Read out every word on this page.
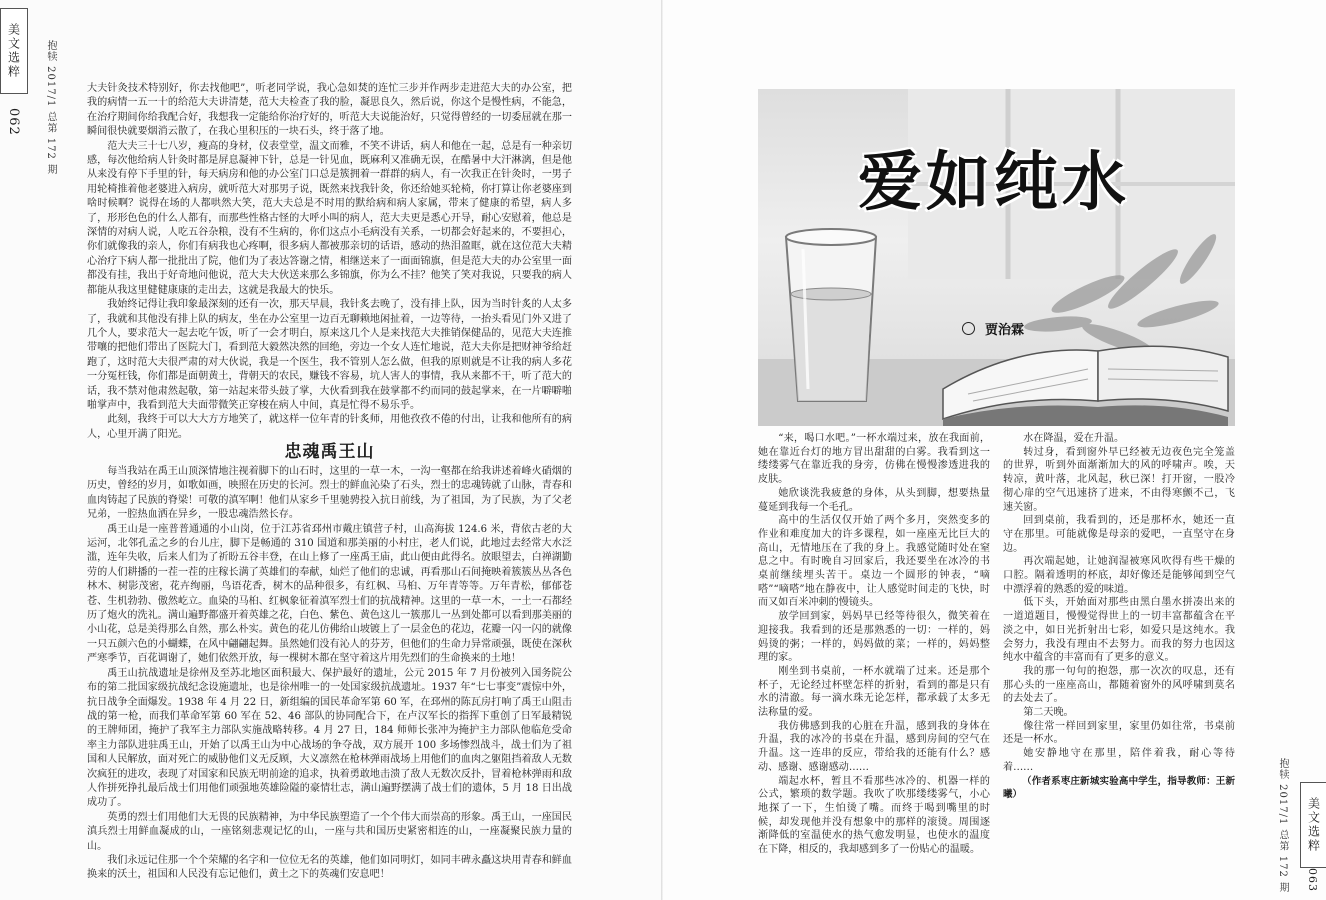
美文选粹
062 抱犊 2017/1 总第 172 期	大夫针灸技术特别好，你去找他吧”，听老同学说，我心急如焚的连忙三步并作两步走进范大夫的办公室，把我的病情一五一十的给范大夫讲清楚，范大夫检查了我的脸，凝思良久，然后说，你这个是慢性病，不能急，在治疗期间你给我配合好，我想我一定能给你治疗好的，听范大夫说能治好，只觉得曾经的一切委屈就在那一瞬间很快就要烟消云散了，在我心里积压的一块石头，终于落了地。

范大夫三十七八岁，瘦高的身材，仪表堂堂，温文而雅，不笑不讲话，病人和他在一起，总是有一种亲切感，每次他给病人针灸时都是屏息凝神下针，总是一针见血，既麻利又准确无误，在酷暑中大汗淋漓，但是他从来没有停下手里的针，每天病房和他的办公室门口总是簇拥着一群群的病人，有一次我正在针灸时，一男子用轮椅推着他老婆进入病房，就听范大对那男子说，既然来找我针灸，你还给她买轮椅，你打算让你老婆座到啥时候啊？说得在场的人都哄然大笑，范大夫总是不时用的默给病和病人家属，带来了健康的希望，病人多了，形形色色的什么人都有，而那些性格古怪的大呼小叫的病人，范大夫更是悉心开导，耐心安慰着，他总是深情的对病人说，人吃五谷杂粮，没有不生病的，你们这点小毛病没有关系，一切都会好起来的，不要担心，你们就像我的亲人，你们有病我也心疼啊，很多病人都被那亲切的话语，感动的热泪盈眶，就在这位范大夫精心治疗下病人都一批批出了院，他们为了表达答谢之情，相继送来了一面面锦旗，但是范大夫的办公室里一面都没有挂，我出于好奇地问他说，范大夫大伙送来那么多锦旗，你为么不挂？他笑了笑对我说，只要我的病人都能从我这里健健康康的走出去，这就是我最大的快乐。

我始终记得让我印象最深刻的还有一次，那天早晨，我针炙去晚了，没有排上队，因为当时针炙的人太多了，我就和其他没有排上队的病友，坐在办公室里一边百无聊赖地闲扯着，一边等待，一抬头看见门外又进了几个人，要求范大一起去吃午饭，听了一会才明白，原来这几个人是来找范大夫推销保健品的，见范大夫连推带嚷的把他们带出了医院大门，看到范大毅然决然的回绝，旁边一个女人连忙地说，范大夫你是把财神爷给赶跑了，这时范大夫很严肃的对大伙说，我是一个医生，我不管别人怎么做，但我的原则就是不让我的病人多花一分冤枉钱，你们都是面朝黄土，背朝天的农民，赚钱不容易，坑人害人的事情，我从来都不干，听了范大的话，我不禁对他肃然起敬，第一站起来带头鼓了掌，大伙看到我在鼓掌都不约而同的鼓起掌来，在一片噼噼啪啪掌声中，我看到范大夫面带微笑正穿梭在病人中间，真是忙得不易乐乎。

此刻，我终于可以大大方方地笑了，就这样一位年青的针炙师，用他孜孜不倦的付出，让我和他所有的病人，心里开满了阳光。

忠魂禹王山

每当我站在禹王山顶深情地注视着脚下的山石时，这里的一草一木，一沟一壑都在给我讲述着峰火硝烟的历史，曾经的岁月，如歌如画，映照在历史的长河。烈士的鲜血沁染了石头，烈士的忠魂铸就了山脉，青春和血肉铸起了民族的脊梁！可敬的滇军啊！他们从家乡千里驰骋投入抗日前线，为了祖国，为了民族，为了父老兄弟，一腔热血洒在异乡，一股忠魂浩然长存。

禹王山是一座普普通通的小山岗，位于江苏省邳州市戴庄镇营子村，山高海拔 124.6 米，背依古老的大运河，北邻孔孟之乡的台儿庄，脚下是畅通的 310 国道和那美丽的小村庄，老人们说，此地过去经常大水泛滥，连年失收，后来人们为了祈盼五谷丰登，在山上修了一座禹王庙，此山便由此得名。放眼望去，白禅湖勤劳的人们耕播的一茬一茬的庄稼长满了英雄们的奉献，灿烂了他们的忠诚，再看那山石间掩映着簇簇丛丛各色林木、树影茂密，花卉绚丽，鸟语花香，树木的品种很多，有红枫、马桕、万年青等等。万年青松，郁郁苍苍、生机勃勃、傲然屹立。血染的马桕、红枫象征着滇军烈士们的抗战精神。这里的一草一木，一土一石都经历了炮火的洗礼。满山遍野都盛开着英雄之花，白色、紫色、黄色这儿一簇那儿一丛到处都可以看到那美丽的小山花，总是美得那么自然，那么朴实。黄色的花儿仿佛给山坡镀上了一层金色的花边，花瓣一闪一闪的就像一只五颜六色的小蝴蝶，在风中翩翩起舞。虽然她们没有沁人的芬芳，但他们的生命力异常顽强，既使在深秋严寒季节，百花调谢了，她们依然开放，每一棵树木都在坚守着这片用先烈们的生命换来的土地！

禹王山抗战遗址是徐州及至苏北地区面积最大、保护最好的遗址，公元 2015 年 7 月份被列入国务院公布的第二批国家级抗战纪念设施遗址，也是徐州唯一的一处国家级抗战遗址。1937 年“七七事变”震惊中外，抗日战争全面爆发。1938 年 4 月 22 日，新组编的国民革命军第 60 军，在邳州的陈瓦房打响了禹王山阻击战的第一枪，而我们革命军第 60 军在 52、46 部队的协同配合下，在卢汉军长的指挥下重创了日军最精锐的王牌师团，掩护了我军主力部队实施战略转移。4 月 27 日，184 师师长张冲为掩护主力部队他临危受命率主力部队进驻禹王山，开始了以禹王山为中心战场的争夺战，双方展开 100 多场惨烈战斗，战士们为了祖国和人民解放，面对死亡的威胁他们义无反顾，大义凛然在枪林弹雨战场上用他们的血肉之躯阻挡着敌人无数次疯狂的进攻，表现了对国家和民族无明前途的追求，执着勇敢地击溃了敌人无数次反扑，冒着枪林弹雨和敌人作拼死挣扎最后战士们用他们顽强地英雄险隘的豪情壮志，满山遍野摆满了战士们的遗体，5 月 18 日出战成功了。

英勇的烈士们用他们大无畏的民族精神，为中华民族塑造了一个个伟大而崇高的形象。禹王山，一座国民滇兵烈士用鲜血凝成的山，一座铭刻悲观记忆的山，一座与共和国历史紧密相连的山，一座凝聚民族力量的山。

我们永远记住那一个个荣耀的名字和一位位无名的英雄，他们如同明灯，如同丰碑永矗这块用青春和鲜血换来的沃土，祖国和人民没有忘记他们，黄土之下的英魂们安息吧！

美文选粹
063
抱犊 2017/1 总第 172 期
爱如纯水
贾治霖

“来，喝口水吧。”一杯水端过来，放在我面前，她在靠近台灯的地方冒出甜甜的白雾。我看到这一缕缕雾气在靠近我的身旁，仿佛在慢慢渗透进我的皮肤。

她欣谈洗我疲惫的身体，从头到脚，想要热量蔓延到我每一个毛孔。

高中的生活仅仅开始了两个多月，突然变多的作业和难度加大的许多课程，如一座座无比巨大的高山，无情地压在了我的身上。我感觉随时处在窒息之中。有时晚自习回家后，我还要坐在冰冷的书桌前继续埋头苦干。桌边一个圆形的钟表，“嘀嗒”“嘀嗒”地在静夜中，让人感觉时间走的飞快，时而又如百米冲刺的慢镜头。

放学回到家，妈妈早已经等待很久，微笑着在迎接我。我看到的还是那熟悉的一切：一样的，妈妈烫的粥；一样的，妈妈做的菜；一样的，妈妈整理的家。

刚坐到书桌前，一杯水就端了过来。还是那个杯子，无论经过杯壁怎样的折射，看到的都是只有水的清澈。每一滴水珠无论怎样，都承载了太多无法称量的爱。

我仿佛感到我的心脏在升温，感到我的身体在升温，我的冰冷的书桌在升温，感到房间的空气在升温。这一连串的反应，带给我的还能有什么？感动、感谢、感谢感动……

端起水杯，暂且不看那些冰冷的、机器一样的公式，繁琐的数学题。我吹了吹那缕缕雾气，小心地探了一下，生怕烫了嘴。而终于喝到嘴里的时候，却发现他并没有想象中的那样的滚烫。周围逐渐降低的室温使水的热气愈发明显，也使水的温度在下降，相反的，我却感到多了一份贴心的温暖。

水在降温，爱在升温。

转过身，看到窗外早已经被无边夜色完全笼盖的世界，听到外面渐渐加大的风的呼啸声。唉，天转凉，黄叶落，北风起，秋已深！打开窗，一股冷彻心扉的空气迅速挤了进来，不由得寒颤不己，飞速关窗。

回到桌前，我看到的，还是那杯水，她还一直守在那里。可能就像是母亲的爱吧，一直坚守在身边。

再次端起她，让她润湿被寒风吹得有些干燥的口腔。隔着透明的杯底，却好像还是能够闻到空气中漂浮着的熟悉的爱的味道。

低下头，开始面对那些由黑白墨水拼凑出来的一道道题目，慢慢觉得世上的一切丰富都蕴含在平淡之中，如日光折射出七彩，如爱只是这纯水。我会努力，我没有理由不去努力。而我的努力也因这纯水中蕴含的丰富而有了更多的意义。

我的那一句句的抱怨，那一次次的叹息，还有那心头的一座座高山，都随着窗外的风呼啸到莫名的去处去了。

第二天晚。

像往常一样回到家里，家里仍如往常，书桌前还是一杯水。

她安静地守在那里，陪伴着我，耐心等待着……

（作者系枣庄新城实验高中学生，指导教师：王新曦）
